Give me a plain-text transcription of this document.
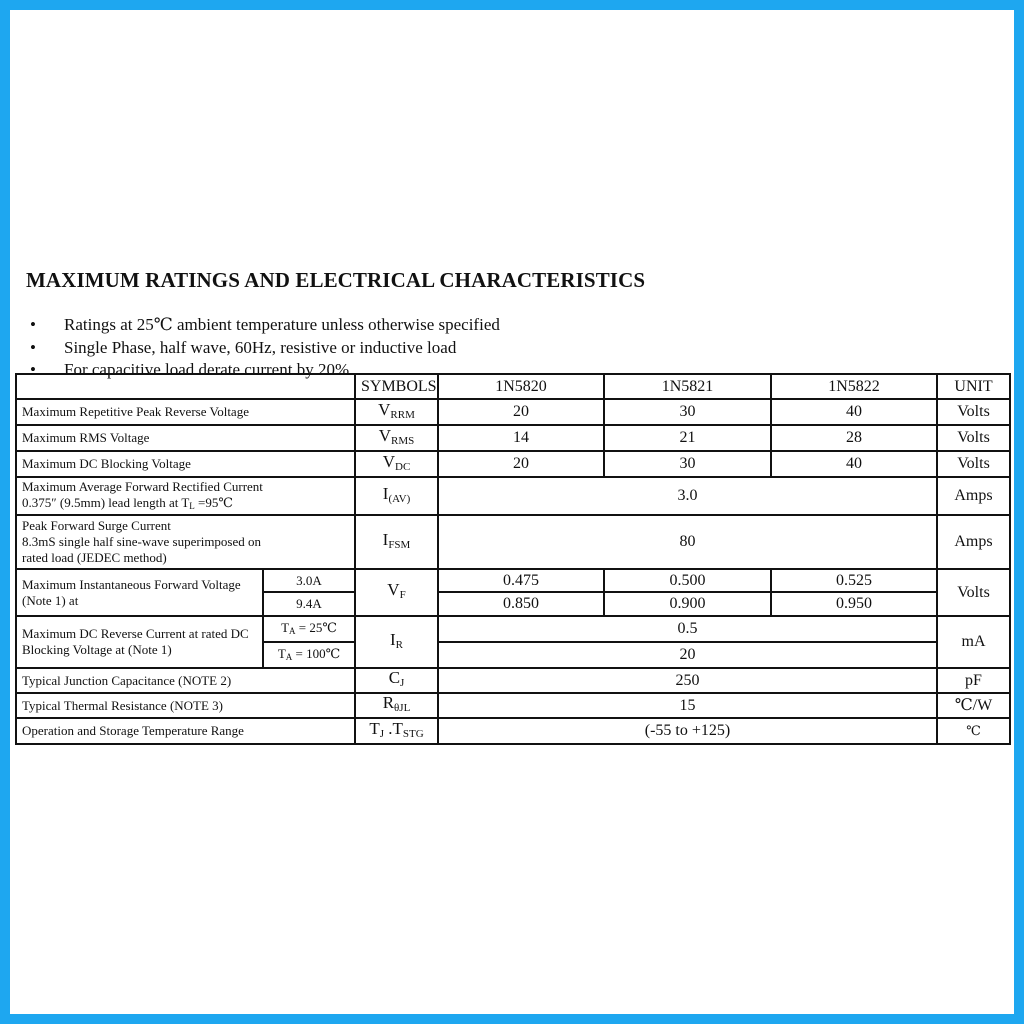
MAXIMUM RATINGS AND ELECTRICAL CHARACTERISTICS
• Ratings at 25℃ ambient temperature unless otherwise specified
• Single Phase, half wave, 60Hz, resistive or inductive load
• For capacitive load derate current by 20%
		SYMBOLS	1N5820	1N5821	1N5822	UNIT
Maximum Repetitive Peak Reverse Voltage		$V_{RRM}$	20	30	40	Volts
Maximum RMS Voltage		$V_{RMS}$	14	21	28	Volts
Maximum DC Blocking Voltage		$V_{DC}$	20	30	40	Volts

Maximum Average Forward Rectified Current
0.375″ (9.5mm) lead length at $T_L$ =95℃		$I_{(AV)}$	3.0			Amps

Peak Forward Surge Current
8.3mS single half sine-wave superimposed on
rated load (JEDEC method)		$I_{FSM}$	80			Amps
Maximum Instantaneous Forward Voltage (Note 1) at	3.0A	$V_F$	0.475	0.500	0.525	Volts
	9.4A		0.850	0.900	0.950	
Maximum DC Reverse Current at rated DC Blocking Voltage at (Note 1)	$T_A$ = 25℃	$I_R$	0.5			mA
	$T_A$ = 100℃		20			
Typical Junction Capacitance (NOTE 2)		$C_J$	250			pF
Typical Thermal Resistance (NOTE 3)		$R_{\theta JL}$	15			℃/W
Operation and Storage Temperature Range		$T_J$ $.T_{STG}$	(-55 to +125)			℃
